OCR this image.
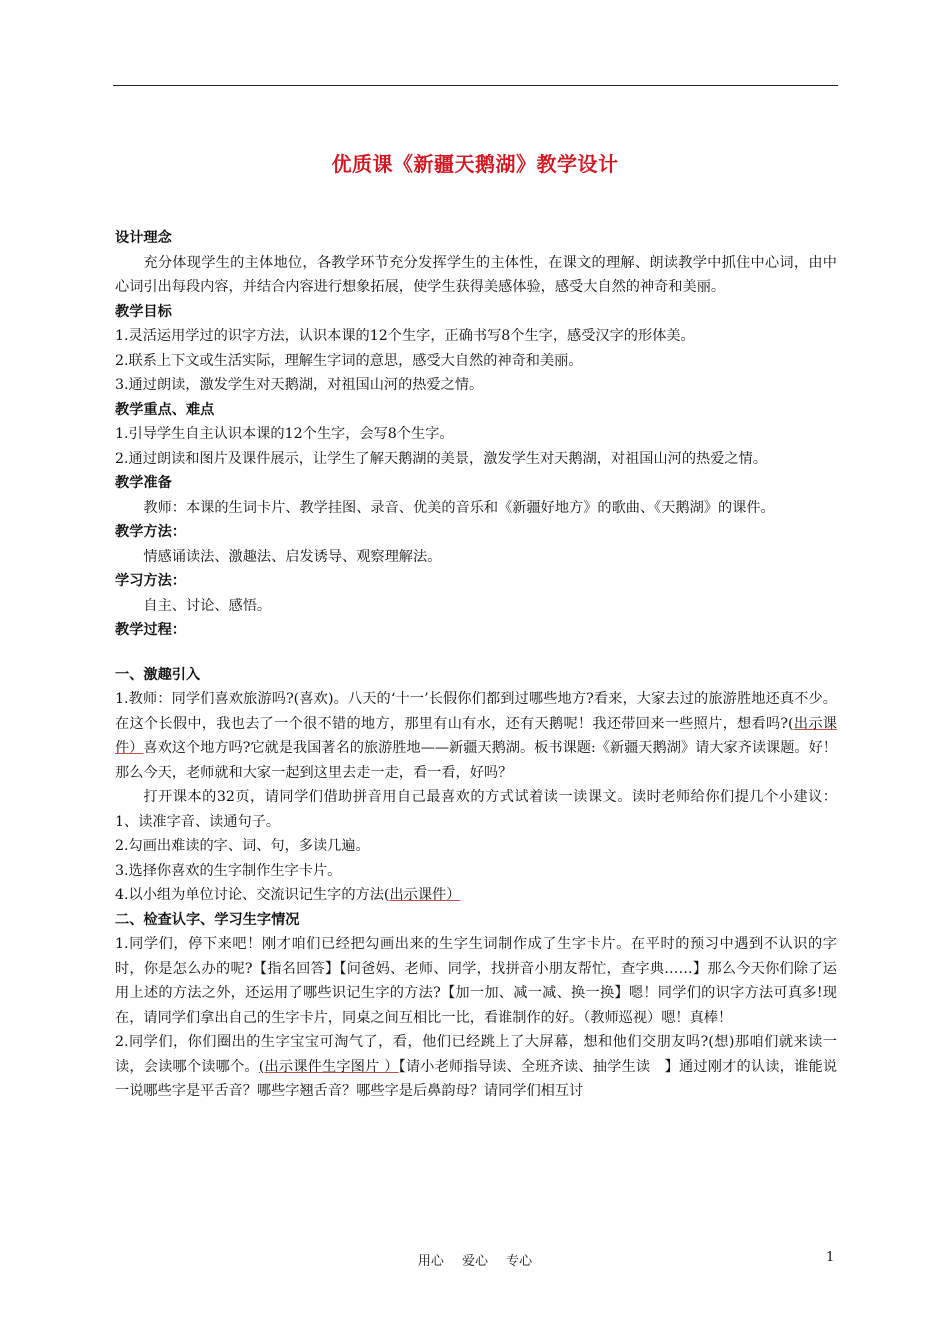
优质课《新疆天鹅湖》教学设计

设计理念

充分体现学生的主体地位，各教学环节充分发挥学生的主体性，在课文的理解、朗读教学中抓住中心词，由中心词引出每段内容，并结合内容进行想象拓展，使学生获得美感体验，感受大自然的神奇和美丽。

教学目标

1.灵活运用学过的识字方法，认识本课的12个生字，正确书写8个生字，感受汉字的形体美。

2.联系上下文或生活实际，理解生字词的意思，感受大自然的神奇和美丽。

3.通过朗读，激发学生对天鹅湖，对祖国山河的热爱之情。

教学重点、难点

1.引导学生自主认识本课的12个生字，会写8个生字。

2.通过朗读和图片及课件展示，让学生了解天鹅湖的美景，激发学生对天鹅湖，对祖国山河的热爱之情。

教学准备

教师：本课的生词卡片、教学挂图、录音、优美的音乐和《新疆好地方》的歌曲、《天鹅湖》的课件。

教学方法：

情感诵读法、激趣法、启发诱导、观察理解法。

学习方法：

自主、讨论、感悟。

教学过程：

一、激趣引入

1.教师：同学们喜欢旅游吗?(喜欢)。八天的‘十一’长假你们都到过哪些地方?看来，大家去过的旅游胜地还真不少。在这个长假中，我也去了一个很不错的地方，那里有山有水，还有天鹅呢！我还带回来一些照片，想看吗?(出示课件）喜欢这个地方吗?它就是我国著名的旅游胜地——新疆天鹅湖。板书课题:《新疆天鹅湖》请大家齐读课题。好！那么今天，老师就和大家一起到这里去走一走，看一看，好吗？

打开课本的32页，请同学们借助拼音用自己最喜欢的方式试着读一读课文。读时老师给你们提几个小建议：1、读准字音、读通句子。

2.勾画出难读的字、词、句，多读几遍。

3.选择你喜欢的生字制作生字卡片。

4.以小组为单位讨论、交流识记生字的方法(出示课件）

二、检查认字、学习生字情况

1.同学们，停下来吧！刚才咱们已经把勾画出来的生字生词制作成了生字卡片。在平时的预习中遇到不认识的字时，你是怎么办的呢?【指名回答】【问爸妈、老师、同学，找拼音小朋友帮忙，查字典……】那么今天你们除了运用上述的方法之外，还运用了哪些识记生字的方法?【加一加、减一减、换一换】嗯！同学们的识字方法可真多!现在，请同学们拿出自己的生字卡片，同桌之间互相比一比，看谁制作的好。（教师巡视）嗯！真棒！

2.同学们，你们圈出的生字宝宝可淘气了，看，他们已经跳上了大屏幕，想和他们交朋友吗?(想)那咱们就来读一读，会读哪个读哪个。(出示课件生字图片 ）【请小老师指导读、全班齐读、抽学生读　】通过刚才的认读，谁能说一说哪些字是平舌音？哪些字翘舌音？哪些字是后鼻韵母？请同学们相互讨

用心 爱心 专心	1
